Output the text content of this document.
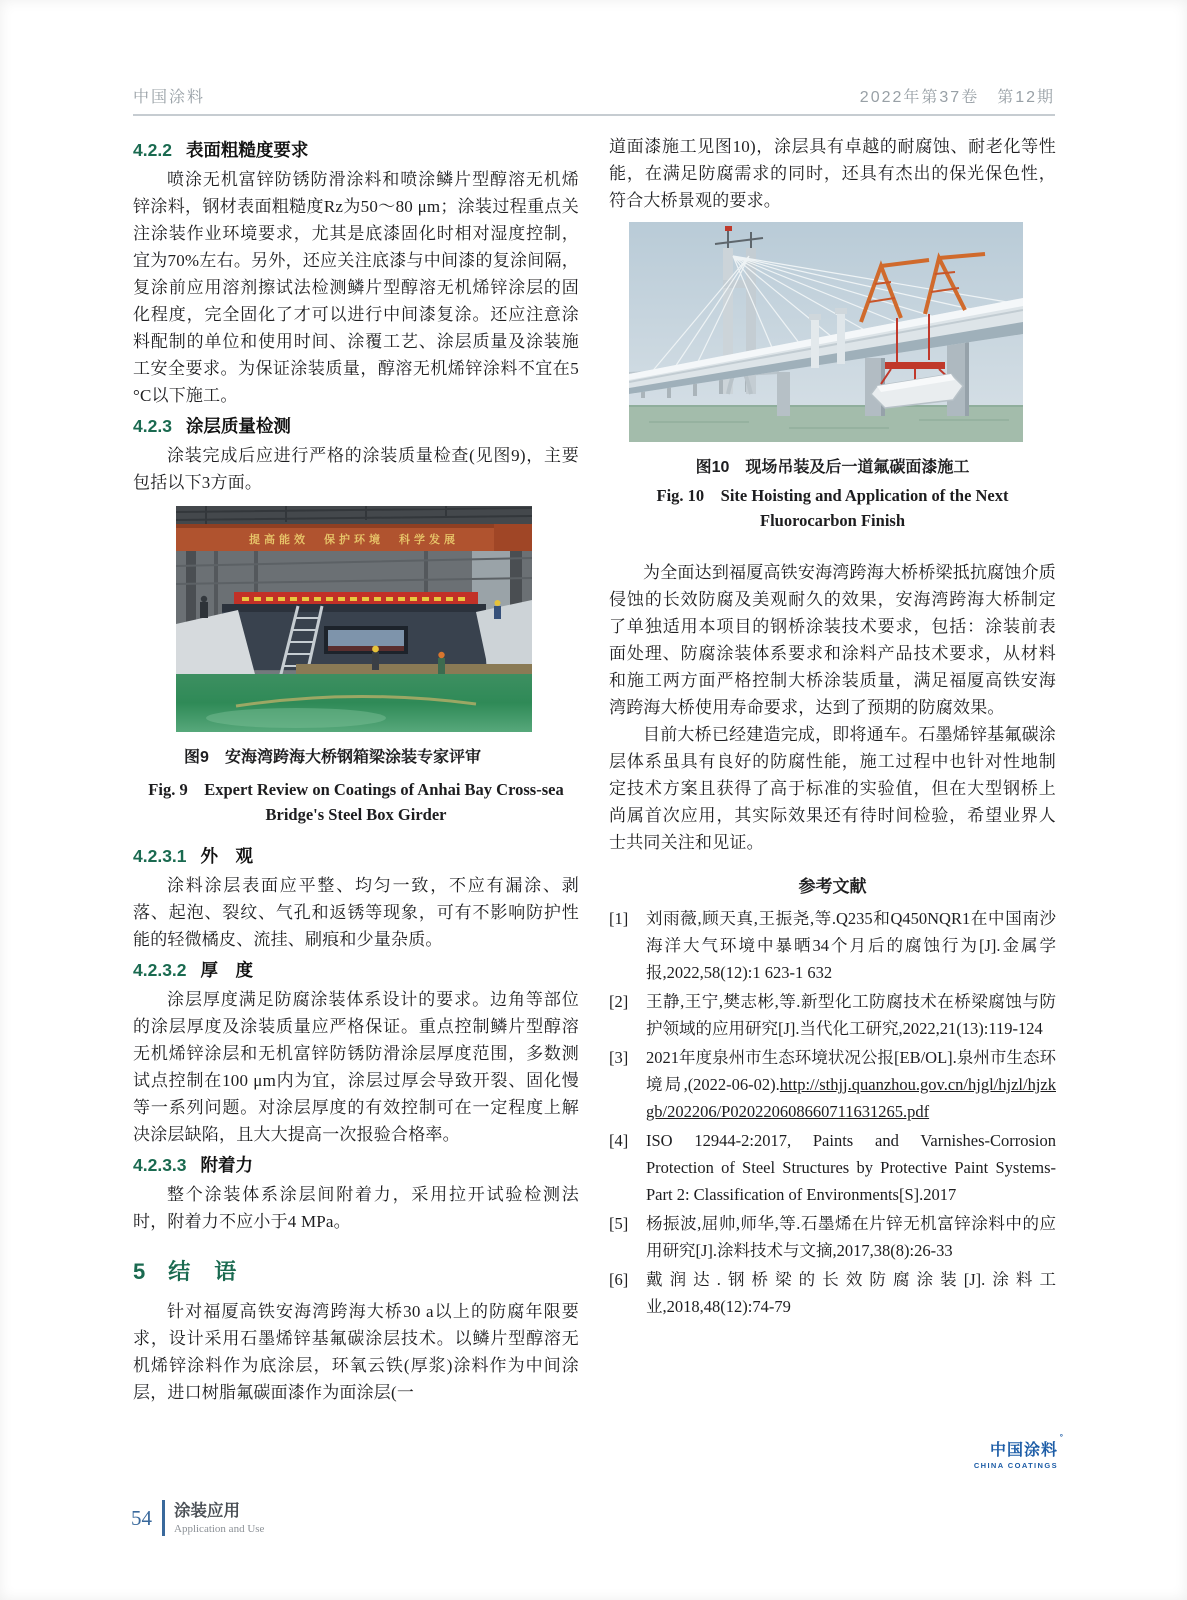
中国涂料	2022年第37卷　第12期
4.2.2 表面粗糙度要求

喷涂无机富锌防锈防滑涂料和喷涂鳞片型醇溶无机烯锌涂料，钢材表面粗糙度Rz为50～80 μm；涂装过程重点关注涂装作业环境要求，尤其是底漆固化时相对湿度控制，宜为70%左右。另外，还应关注底漆与中间漆的复涂间隔，复涂前应用溶剂擦试法检测鳞片型醇溶无机烯锌涂层的固化程度，完全固化了才可以进行中间漆复涂。还应注意涂料配制的单位和使用时间、涂覆工艺、涂层质量及涂装施工安全要求。为保证涂装质量，醇溶无机烯锌涂料不宜在5 °C以下施工。

4.2.3 涂层质量检测

涂装完成后应进行严格的涂装质量检查(见图9)，主要包括以下3方面。

提高能效　保护环境　科学发展
图9　安海湾跨海大桥钢箱梁涂装专家评审
Fig. 9　Expert Review on Coatings of Anhai Bay Cross-sea Bridge's Steel Box Girder
4.2.3.1 外　观

涂料涂层表面应平整、均匀一致，不应有漏涂、剥落、起泡、裂纹、气孔和返锈等现象，可有不影响防护性能的轻微橘皮、流挂、刷痕和少量杂质。

4.2.3.2 厚　度

涂层厚度满足防腐涂装体系设计的要求。边角等部位的涂层厚度及涂装质量应严格保证。重点控制鳞片型醇溶无机烯锌涂层和无机富锌防锈防滑涂层厚度范围，多数测试点控制在100 μm内为宜，涂层过厚会导致开裂、固化慢等一系列问题。对涂层厚度的有效控制可在一定程度上解决涂层缺陷，且大大提高一次报验合格率。

4.2.3.3 附着力

整个涂装体系涂层间附着力，采用拉开试验检测法时，附着力不应小于4 MPa。

5 结　语

针对福厦高铁安海湾跨海大桥30 a以上的防腐年限要求，设计采用石墨烯锌基氟碳涂层技术。以鳞片型醇溶无机烯锌涂料作为底涂层，环氧云铁(厚浆)涂料作为中间涂层，进口树脂氟碳面漆作为面涂层(一

道面漆施工见图10)，涂层具有卓越的耐腐蚀、耐老化等性能，在满足防腐需求的同时，还具有杰出的保光保色性，符合大桥景观的要求。

图10　现场吊装及后一道氟碳面漆施工
Fig. 10　Site Hoisting and Application of the Next Fluorocarbon Finish

为全面达到福厦高铁安海湾跨海大桥桥梁抵抗腐蚀介质侵蚀的长效防腐及美观耐久的效果，安海湾跨海大桥制定了单独适用本项目的钢桥涂装技术要求，包括：涂装前表面处理、防腐涂装体系要求和涂料产品技术要求，从材料和施工两方面严格控制大桥涂装质量，满足福厦高铁安海湾跨海大桥使用寿命要求，达到了预期的防腐效果。

目前大桥已经建造完成，即将通车。石墨烯锌基氟碳涂层体系虽具有良好的防腐性能，施工过程中也针对性地制定技术方案且获得了高于标准的实验值，但在大型钢桥上尚属首次应用，其实际效果还有待时间检验，希望业界人士共同关注和见证。

参考文献
[1] 刘雨薇,顾天真,王振尧,等.Q235和Q450NQR1在中国南沙海洋大气环境中暴晒34个月后的腐蚀行为[J].金属学报,2022,58(12):1 623-1 632
[2] 王静,王宁,樊志彬,等.新型化工防腐技术在桥梁腐蚀与防护领域的应用研究[J].当代化工研究,2022,21(13):119-124
[3] 2021年度泉州市生态环境状况公报[EB/OL].泉州市生态环境局,(2022-06-02).http://sthjj.quanzhou.gov.cn/hjgl/hjzl/hjzkgb/202206/P020220608660711631265.pdf
[4] ISO 12944-2:2017, Paints and Varnishes-Corrosion Protection of Steel Structures by Protective Paint Systems-Part 2: Classification of Environments[S].2017
[5] 杨振波,屈帅,师华,等.石墨烯在片锌无机富锌涂料中的应用研究[J].涂料技术与文摘,2017,38(8):26-33
[6] 戴润达.钢桥梁的长效防腐涂装[J].涂料工业,2018,48(12):74-79
中国涂料
°
CHINA COATINGS
54 涂装应用
Application and Use
